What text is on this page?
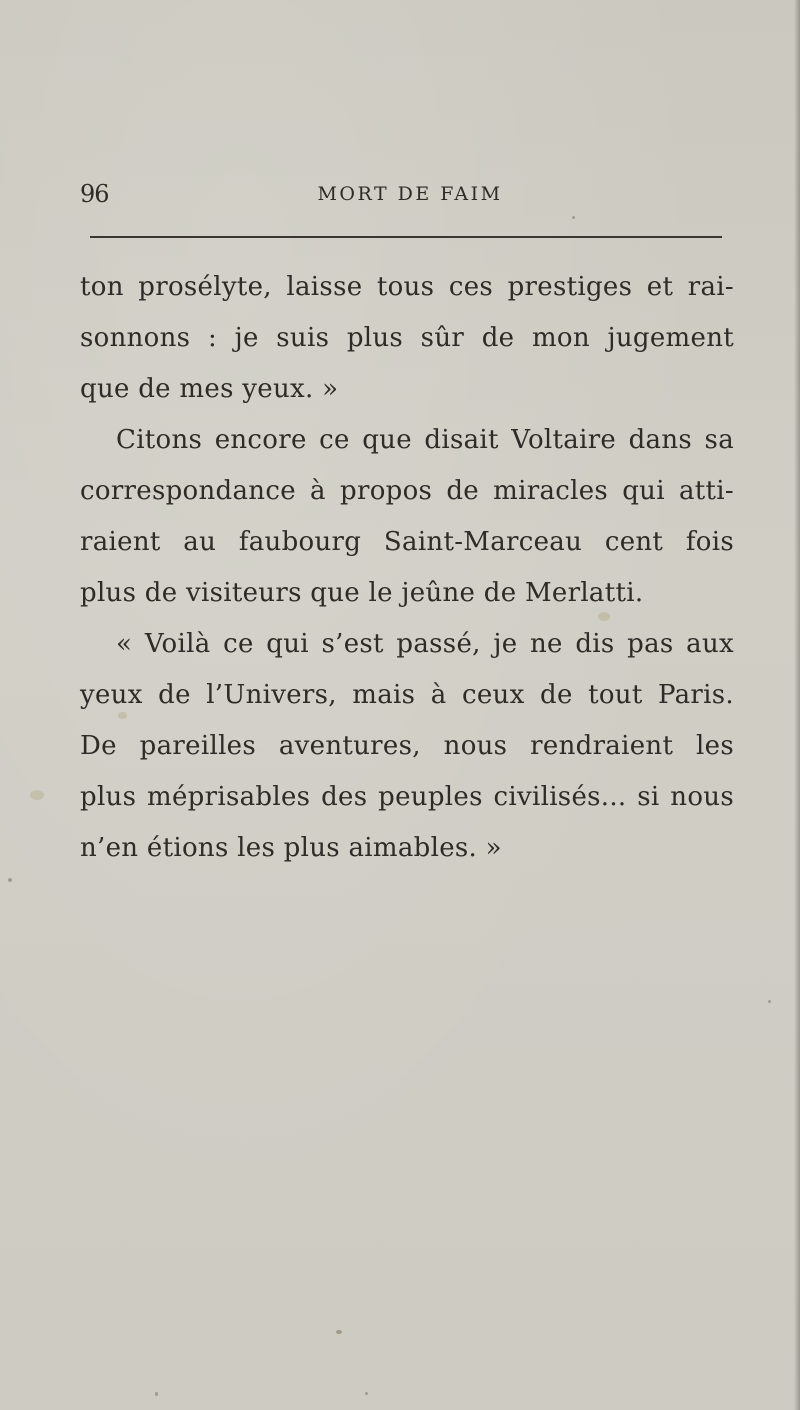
96	MORT DE FAIM
ton prosélyte, laisse tous ces prestiges et rai-
sonnons : je suis plus sûr de mon jugement
que de mes yeux. »
Citons encore ce que disait Voltaire dans sa
correspondance à propos de miracles qui atti-
raient au faubourg Saint-Marceau cent fois
plus de visiteurs que le jeûne de Merlatti.
« Voilà ce qui s’est passé, je ne dis pas aux
yeux de l’Univers, mais à ceux de tout Paris.
De pareilles aventures, nous rendraient les
plus méprisables des peuples civilisés... si nous
n’en étions les plus aimables. »
